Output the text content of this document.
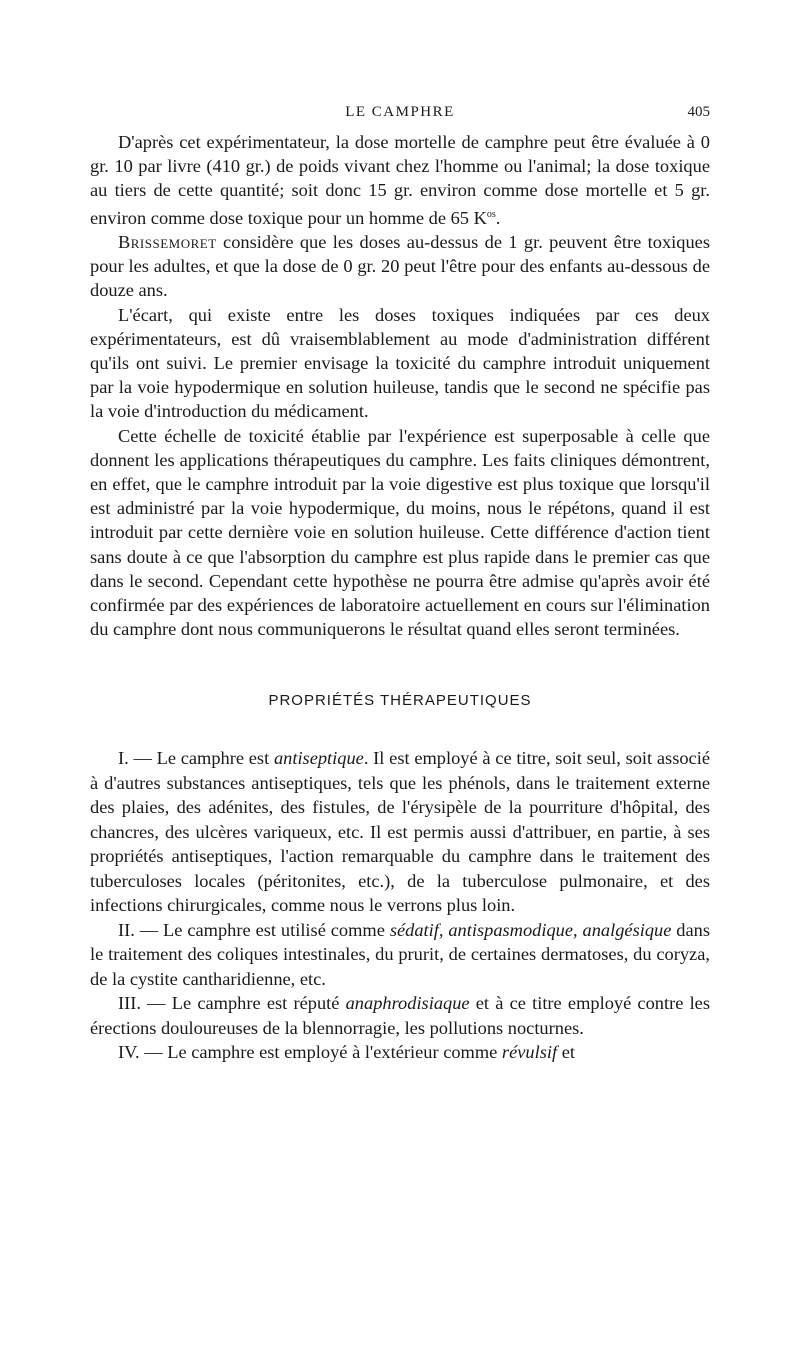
LE CAMPHRE	405

D'après cet expérimentateur, la dose mortelle de camphre peut être évaluée à 0 gr. 10 par livre (410 gr.) de poids vivant chez l'homme ou l'animal; la dose toxique au tiers de cette quantité; soit donc 15 gr. environ comme dose mortelle et 5 gr. environ comme dose toxique pour un homme de 65 $K^{os}$.

Brissemoret considère que les doses au-dessus de 1 gr. peuvent être toxiques pour les adultes, et que la dose de 0 gr. 20 peut l'être pour des enfants au-dessous de douze ans.

L'écart, qui existe entre les doses toxiques indiquées par ces deux expérimentateurs, est dû vraisemblablement au mode d'administration différent qu'ils ont suivi. Le premier envisage la toxicité du camphre introduit uniquement par la voie hypodermique en solution huileuse, tandis que le second ne spécifie pas la voie d'introduction du médicament.

Cette échelle de toxicité établie par l'expérience est superposable à celle que donnent les applications thérapeutiques du camphre. Les faits cliniques démontrent, en effet, que le camphre introduit par la voie digestive est plus toxique que lorsqu'il est administré par la voie hypodermique, du moins, nous le répétons, quand il est introduit par cette dernière voie en solution huileuse. Cette différence d'action tient sans doute à ce que l'absorption du camphre est plus rapide dans le premier cas que dans le second. Cependant cette hypothèse ne pourra être admise qu'après avoir été confirmée par des expériences de laboratoire actuellement en cours sur l'élimination du camphre dont nous communiquerons le résultat quand elles seront terminées.

PROPRIÉTÉS THÉRAPEUTIQUES

I. — Le camphre est antiseptique. Il est employé à ce titre, soit seul, soit associé à d'autres substances antiseptiques, tels que les phénols, dans le traitement externe des plaies, des adénites, des fistules, de l'érysipèle de la pourriture d'hôpital, des chancres, des ulcères variqueux, etc. Il est permis aussi d'attribuer, en partie, à ses propriétés antiseptiques, l'action remarquable du camphre dans le traitement des tuberculoses locales (péritonites, etc.), de la tuberculose pulmonaire, et des infections chirurgicales, comme nous le verrons plus loin.

II. — Le camphre est utilisé comme sédatif, antispasmodique, analgésique dans le traitement des coliques intestinales, du prurit, de certaines dermatoses, du coryza, de la cystite cantharidienne, etc.

III. — Le camphre est réputé anaphrodisiaque et à ce titre employé contre les érections douloureuses de la blennorragie, les pollutions nocturnes.

IV. — Le camphre est employé à l'extérieur comme révulsif et
